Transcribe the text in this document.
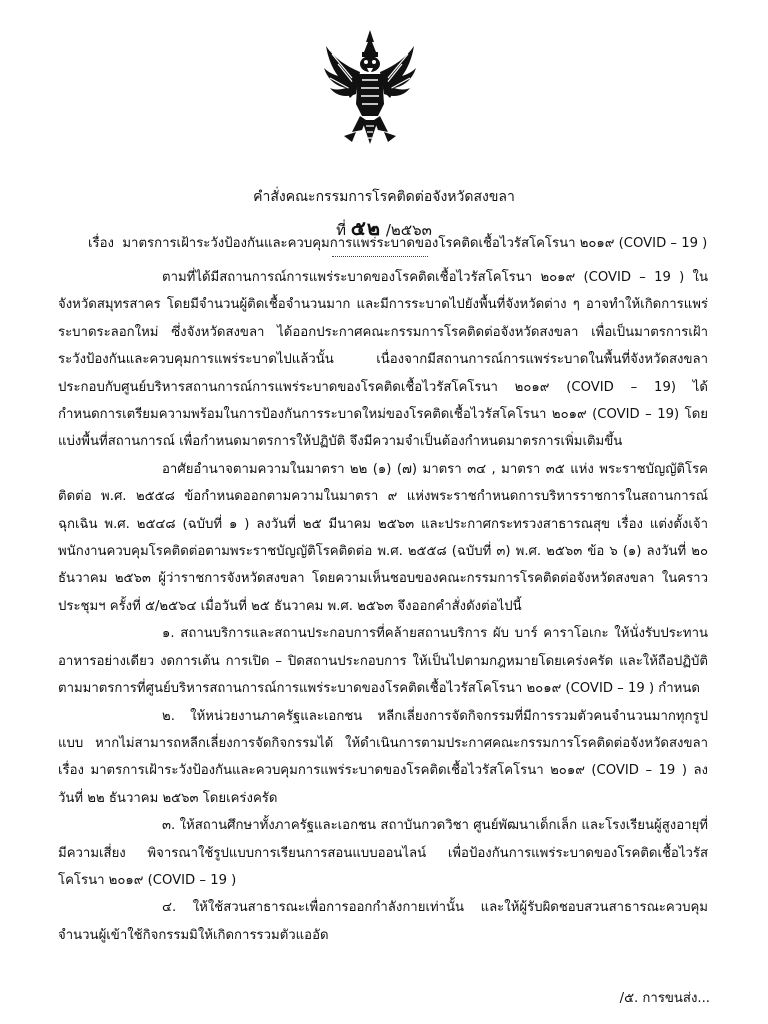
คำสั่งคณะกรรมการโรคติดต่อจังหวัดสงขลา
ที่ ๕๒ /๒๕๖๓
เรื่อง มาตรการเฝ้าระวังป้องกันและควบคุมการแพร่ระบาดของโรคติดเชื้อไวรัสโคโรนา ๒๐๑๙ (COVID – 19 )

ตามที่ได้มีสถานการณ์การแพร่ระบาดของโรคติดเชื้อไวรัสโคโรนา ๒๐๑๙ (COVID – 19 ) ในจังหวัดสมุทรสาคร โดยมีจำนวนผู้ติดเชื้อจำนวนมาก และมีการระบาดไปยังพื้นที่จังหวัดต่าง ๆ อาจทำให้เกิดการแพร่ระบาดระลอกใหม่ ซึ่งจังหวัดสงขลา ได้ออกประกาศคณะกรรมการโรคติดต่อจังหวัดสงขลา เพื่อเป็นมาตรการเฝ้าระวังป้องกันและควบคุมการแพร่ระบาดไปแล้วนั้น เนื่องจากมีสถานการณ์การแพร่ระบาดในพื้นที่จังหวัดสงขลา ประกอบกับศูนย์บริหารสถานการณ์การแพร่ระบาดของโรคติดเชื้อไวรัสโคโรนา ๒๐๑๙ (COVID – 19) ได้กำหนดการเตรียมความพร้อมในการป้องกันการระบาดใหม่ของโรคติดเชื้อไวรัสโคโรนา ๒๐๑๙ (COVID – 19) โดยแบ่งพื้นที่สถานการณ์ เพื่อกำหนดมาตรการให้ปฏิบัติ จึงมีความจำเป็นต้องกำหนดมาตรการเพิ่มเติมขึ้น

อาศัยอำนาจตามความในมาตรา ๒๒ (๑) (๗) มาตรา ๓๔ , มาตรา ๓๕ แห่ง พระราชบัญญัติโรคติดต่อ พ.ศ. ๒๕๕๘ ข้อกำหนดออกตามความในมาตรา ๙ แห่งพระราชกำหนดการบริหารราชการในสถานการณ์ฉุกเฉิน พ.ศ. ๒๕๔๘ (ฉบับที่ ๑ ) ลงวันที่ ๒๕ มีนาคม ๒๕๖๓ และประกาศกระทรวงสาธารณสุข เรื่อง แต่งตั้งเจ้าพนักงานควบคุมโรคติดต่อตามพระราชบัญญัติโรคติดต่อ พ.ศ. ๒๕๕๘ (ฉบับที่ ๓) พ.ศ. ๒๕๖๓ ข้อ ๖ (๑) ลงวันที่ ๒๐ ธันวาคม ๒๕๖๓ ผู้ว่าราชการจังหวัดสงขลา โดยความเห็นชอบของคณะกรรมการโรคติดต่อจังหวัดสงขลา ในคราวประชุมฯ ครั้งที่ ๕/๒๕๖๔ เมื่อวันที่ ๒๕ ธันวาคม พ.ศ. ๒๕๖๓ จึงออกคำสั่งดังต่อไปนี้

๑. สถานบริการและสถานประกอบการที่คล้ายสถานบริการ ผับ บาร์ คาราโอเกะ ให้นั่งรับประทานอาหารอย่างเดียว งดการเต้น การเปิด – ปิดสถานประกอบการ ให้เป็นไปตามกฎหมายโดยเคร่งครัด และให้ถือปฏิบัติตามมาตรการที่ศูนย์บริหารสถานการณ์การแพร่ระบาดของโรคติดเชื้อไวรัสโคโรนา ๒๐๑๙ (COVID – 19 ) กำหนด

๒. ให้หน่วยงานภาครัฐและเอกชน หลีกเลี่ยงการจัดกิจกรรมที่มีการรวมตัวคนจำนวนมากทุกรูปแบบ หากไม่สามารถหลีกเลี่ยงการจัดกิจกรรมได้ ให้ดำเนินการตามประกาศคณะกรรมการโรคติดต่อจังหวัดสงขลา เรื่อง มาตรการเฝ้าระวังป้องกันและควบคุมการแพร่ระบาดของโรคติดเชื้อไวรัสโคโรนา ๒๐๑๙ (COVID – 19 ) ลงวันที่ ๒๒ ธันวาคม ๒๕๖๓ โดยเคร่งครัด

๓. ให้สถานศึกษาทั้งภาครัฐและเอกชน สถาบันกวดวิชา ศูนย์พัฒนาเด็กเล็ก และโรงเรียนผู้สูงอายุที่มีความเสี่ยง พิจารณาใช้รูปแบบการเรียนการสอนแบบออนไลน์ เพื่อป้องกันการแพร่ระบาดของโรคติดเชื้อไวรัสโคโรนา ๒๐๑๙ (COVID – 19 )

๔. ให้ใช้สวนสาธารณะเพื่อการออกกำลังกายเท่านั้น และให้ผู้รับผิดชอบสวนสาธารณะควบคุมจำนวนผู้เข้าใช้กิจกรรมมิให้เกิดการรวมตัวแออัด

/๕. การขนส่ง...
